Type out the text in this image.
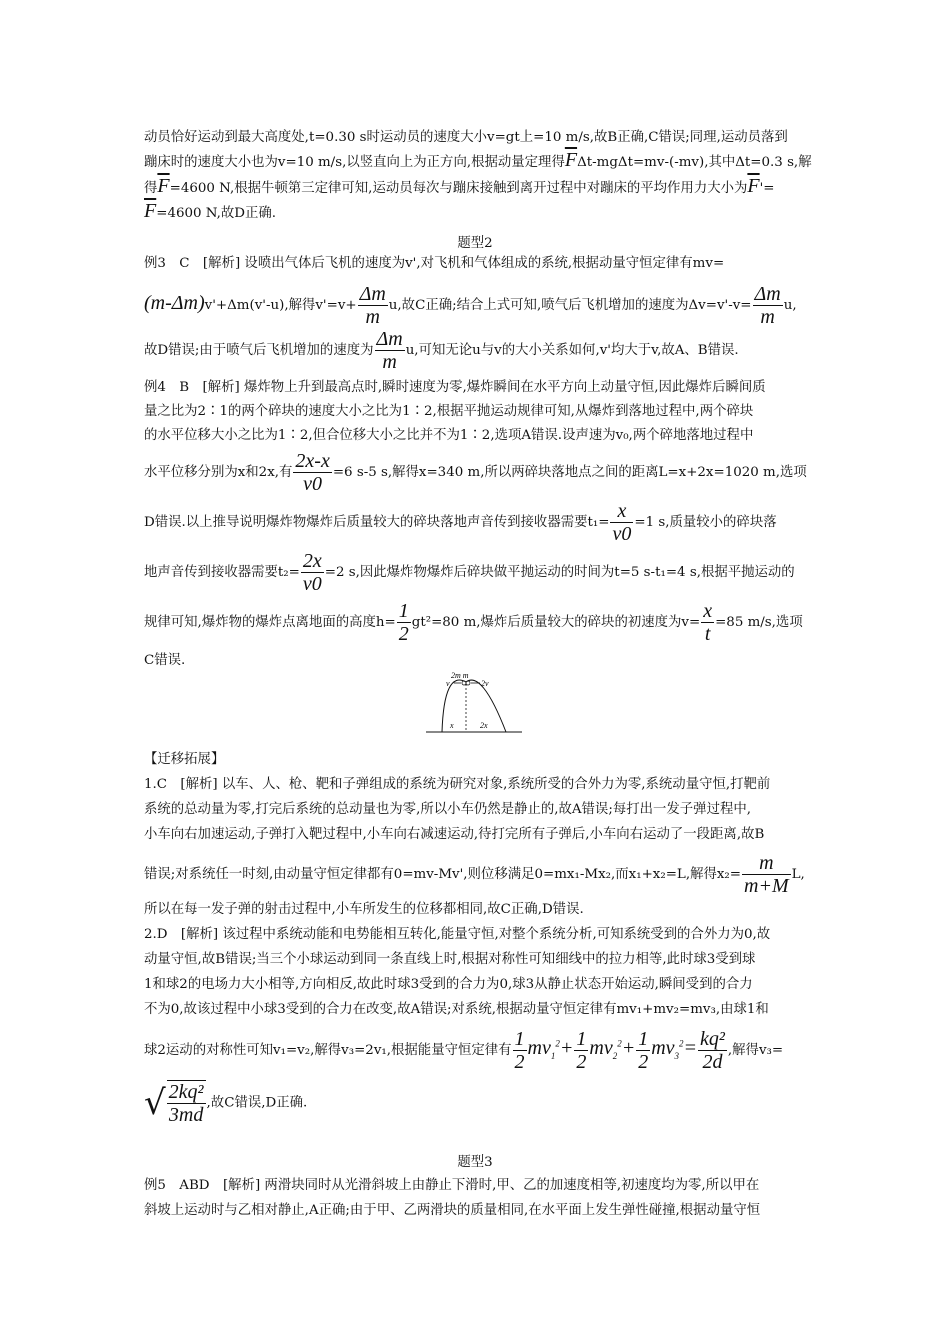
动员恰好运动到最大高度处,t=0.30 s时运动员的速度大小v=gt上=10 m/s,故B正确,C错误;同理,运动员落到
蹦床时的速度大小也为v=10 m/s,以竖直向上为正方向,根据动量定理得$\overline{F}\Delta t-mg\Delta t=mv-(-mv)$,其中Δt=0.3 s,解
得$\overline{F}=4600$ N,根据牛顿第三定律可知,运动员每次与蹦床接触到离开过程中对蹦床的平均作用力大小为$\overline{F}'=$
$\overline{F}=4600$ N,故D正确.
题型2
例3　C　[解析] 设喷出气体后飞机的速度为v',对飞机和气体组成的系统,根据动量守恒定律有mv=
(m-Δm)v'+Δm(v'-u),解得$v'=v+ \frac{\Delta m}{m} u$,故C正确;结合上式可知,喷气后飞机增加的速度为$\Delta v=v'-v= \frac{\Delta m}{m} u$,
故D错误;由于喷气后飞机增加的速度为 $\frac{\Delta m}{m} u$,可知无论u与v的大小关系如何,v'均大于v,故A、B错误.
例4　B　[解析] 爆炸物上升到最高点时,瞬时速度为零,爆炸瞬间在水平方向上动量守恒,因此爆炸后瞬间质
量之比为2∶1的两个碎块的速度大小之比为1∶2,根据平抛运动规律可知,从爆炸到落地过程中,两个碎块
的水平位移大小之比为1∶2,但合位移大小之比并不为1∶2,选项A错误.设声速为v₀,两个碎地落地过程中
水平位移分别为x和2x,有 $\frac{2x-x}{v0} =6$ s-5 s,解得x=340 m,所以两碎块落地点之间的距离L=x+2x=1020 m,选项
D错误.以上推导说明爆炸物爆炸后质量较大的碎块落地声音传到接收器需要$t_1= \frac{x}{v0} =1$ s,质量较小的碎块落
地声音传到接收器需要$t_2= \frac{2x}{v0} =2$ s,因此爆炸物爆炸后碎块做平抛运动的时间为t=5 s-t₁=4 s,根据平抛运动的
规律可知,爆炸物的爆炸点离地面的高度$h= \frac{1}{2} gt^2=80$ m,爆炸后质量较大的碎块的初速度为$v= \frac{x}{t} =85$ m/s,选项
C错误.
2m m
v	2v
x	2x
【迁移拓展】
1.C　[解析] 以车、人、枪、靶和子弹组成的系统为研究对象,系统所受的合外力为零,系统动量守恒,打靶前
系统的总动量为零,打完后系统的总动量也为零,所以小车仍然是静止的,故A错误;每打出一发子弹过程中,
小车向右加速运动,子弹打入靶过程中,小车向右减速运动,待打完所有子弹后,小车向右运动了一段距离,故B
错误;对系统任一时刻,由动量守恒定律都有0=mv-Mv',则位移满足0=mx₁-Mx₂,而x₁+x₂=L,解得$x_2= \frac{m}{m+M} L$,
所以在每一发子弹的射击过程中,小车所发生的位移都相同,故C正确,D错误.
2.D　[解析] 该过程中系统动能和电势能相互转化,能量守恒,对整个系统分析,可知系统受到的合外力为0,故
动量守恒,故B错误;当三个小球运动到同一条直线上时,根据对称性可知细线中的拉力相等,此时球3受到球
1和球2的电场力大小相等,方向相反,故此时球3受到的合力为0,球3从静止状态开始运动,瞬间受到的合力
不为0,故该过程中小球3受到的合力在改变,故A错误;对系统,根据动量守恒定律有mv₁+mv₂=mv₃,由球1和
球2运动的对称性可知v₁=v₂,解得v₃=2v₁,根据能量守恒定律有 $\frac{1}{2} mv_1^2+ \frac{1}{2} mv_2^2+ \frac{1}{2} mv_3^2= \frac{\text{kq²}}{2d}$ ,解得v₃=
√ $\frac{\text{2kq²}}{3md}$ ,故C错误,D正确.
题型3
例5　ABD　[解析] 两滑块同时从光滑斜坡上由静止下滑时,甲、乙的加速度相等,初速度均为零,所以甲在
斜坡上运动时与乙相对静止,A正确;由于甲、乙两滑块的质量相同,在水平面上发生弹性碰撞,根据动量守恒
